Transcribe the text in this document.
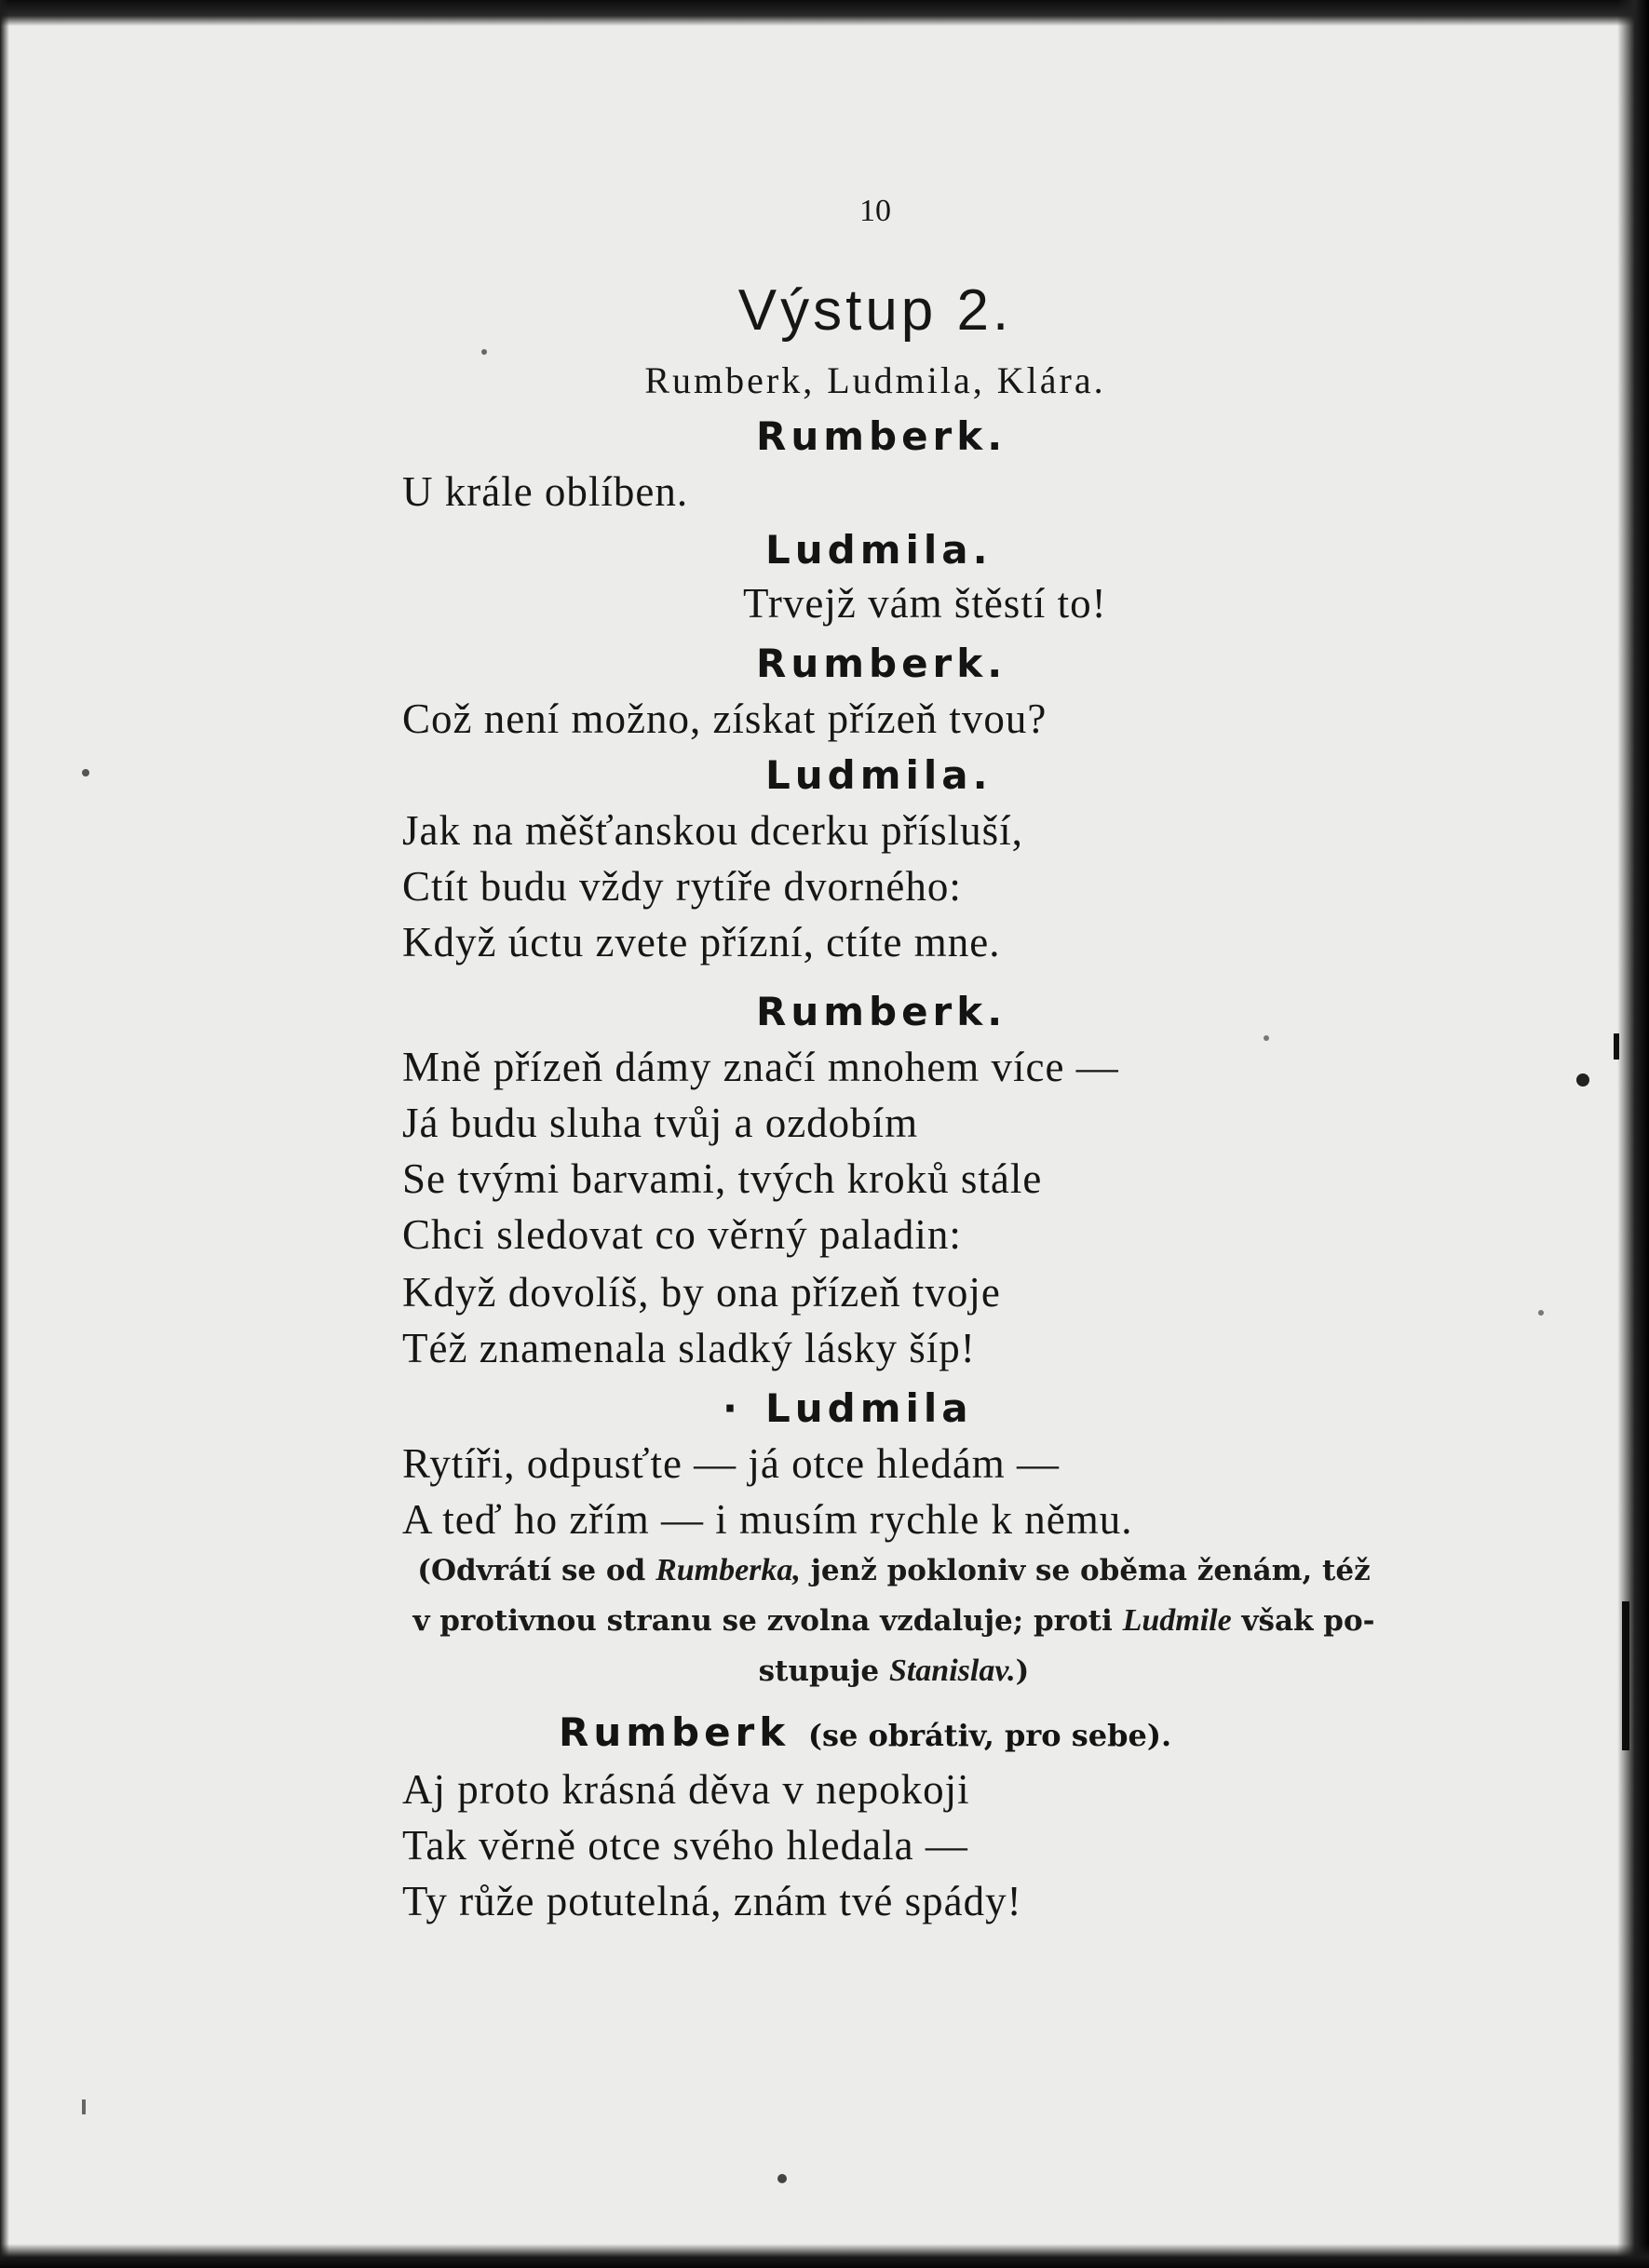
10
Výstup 2.
Rumberk, Ludmila, Klára.
Rumberk.
U krále oblíben.
Ludmila.
Trvejž vám štěstí to!
Rumberk.
Což není možno, získat přízeň tvou?
Ludmila.
Jak na měšťanskou dcerku přísluší,
Ctít budu vždy rytíře dvorného:
Když úctu zvete přízní, ctíte mne.
Rumberk.
Mně přízeň dámy značí mnohem více —
Já budu sluha tvůj a ozdobím
Se tvými barvami, tvých kroků stále
Chci sledovat co věrný paladin:
Když dovolíš, by ona přízeň tvoje
Též znamenala sladký lásky šíp!
· Ludmila
Rytíři, odpusťte — já otce hledám —
A teď ho zřím — i musím rychle k němu.
(Odvrátí se od Rumberka, jenž pokloniv se oběma ženám, též
v protivnou stranu se zvolna vzdaluje; proti Ludmile však po-
stupuje Stanislav.)
Rumberk (se obrátiv, pro sebe).
Aj proto krásná děva v nepokoji
Tak věrně otce svého hledala —
Ty růže potutelná, znám tvé spády!
